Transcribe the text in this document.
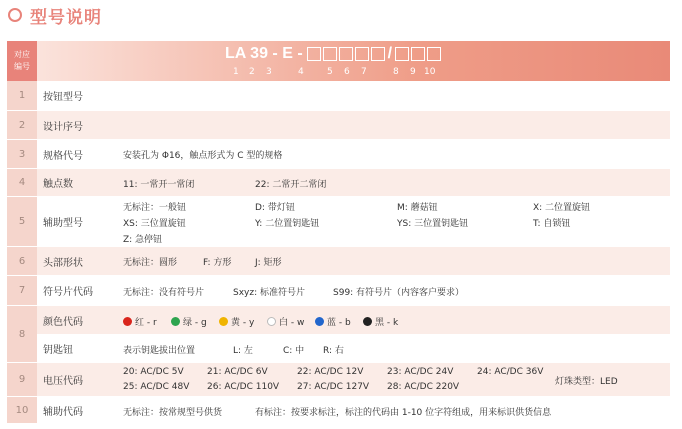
型号说明
对应
编号
LA 39 - E -	/
1 2 3	4	5 6 7	8 9 10
1	按钮型号
2	设计序号
3	规格代号	安装孔为 Φ16，触点形式为 C 型的规格
4	触点数	11: 一常开一常闭	22: 二常开二常闭
5	辅助型号
无标注：一般钮	D: 带灯钮	M: 蘑菇钮	X: 二位置旋钮
XS: 三位置旋钮	Y: 二位置钥匙钮	YS: 三位置钥匙钮	T: 自锁钮
Z: 急停钮
6	头部形状	无标注：圆形	F: 方形	J: 矩形
7	符号片代码	无标注：没有符号片	Sxyz: 标准符号片	S99: 有符号片（内容客户要求）
8
颜色代码	红 - r	绿 - g	黄 - y	白 - w	蓝 - b	黑 - k
钥匙钮	表示钥匙拔出位置	L: 左	C: 中 R: 右
9	电压代码
20: AC/DC 5V	21: AC/DC 6V	22: AC/DC 12V	23: AC/DC 24V	24: AC/DC 36V
25: AC/DC 48V 26: AC/DC 110V 27: AC/DC 127V 28: AC/DC 220V	灯珠类型：LED
10	辅助代码	无标注：按常规型号供货	有标注：按要求标注，标注的代码由 1-10 位字符组成，用来标识供货信息
